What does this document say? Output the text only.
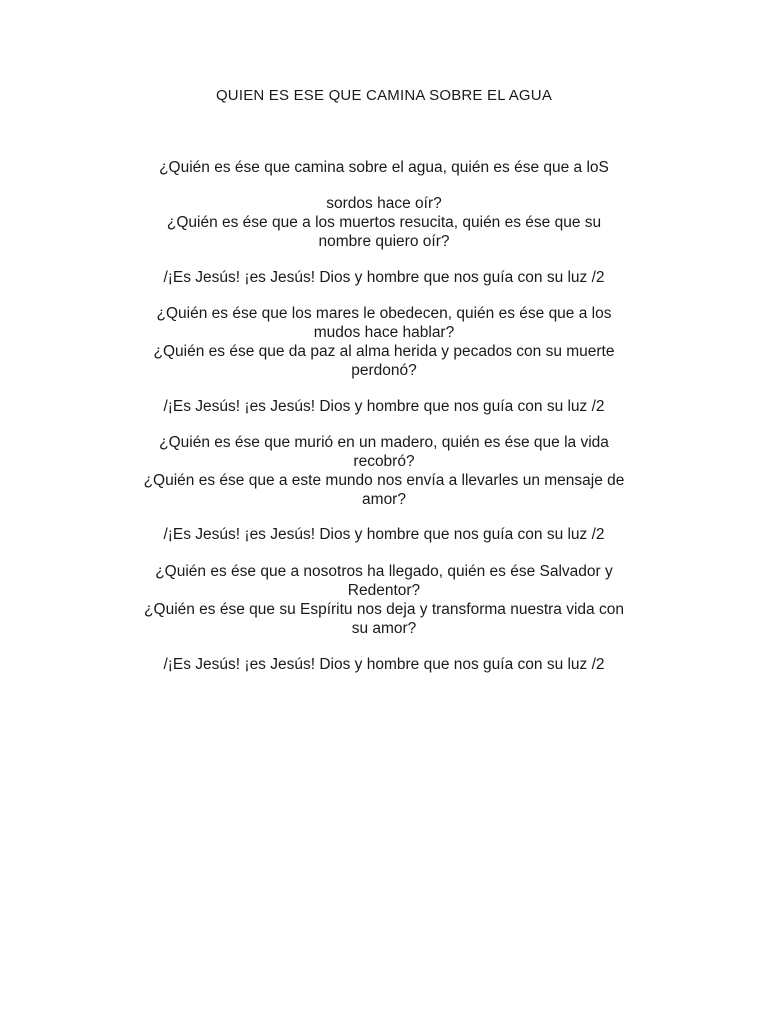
QUIEN ES ESE QUE CAMINA SOBRE EL AGUA
¿Quién es ése que camina sobre el agua, quién es ése que a loS
sordos hace oír?
¿Quién es ése que a los muertos resucita, quién es ése que su
nombre quiero oír?
/¡Es Jesús! ¡es Jesús! Dios y hombre que nos guía con su luz /2
¿Quién es ése que los mares le obedecen, quién es ése que a los
mudos hace hablar?
¿Quién es ése que da paz al alma herida y pecados con su muerte
perdonó?
/¡Es Jesús! ¡es Jesús! Dios y hombre que nos guía con su luz /2
¿Quién es ése que murió en un madero, quién es ése que la vida
recobró?
¿Quién es ése que a este mundo nos envía a llevarles un mensaje de
amor?
/¡Es Jesús! ¡es Jesús! Dios y hombre que nos guía con su luz /2
¿Quién es ése que a nosotros ha llegado, quién es ése Salvador y
Redentor?
¿Quién es ése que su Espíritu nos deja y transforma nuestra vida con
su amor?
/¡Es Jesús! ¡es Jesús! Dios y hombre que nos guía con su luz /2
